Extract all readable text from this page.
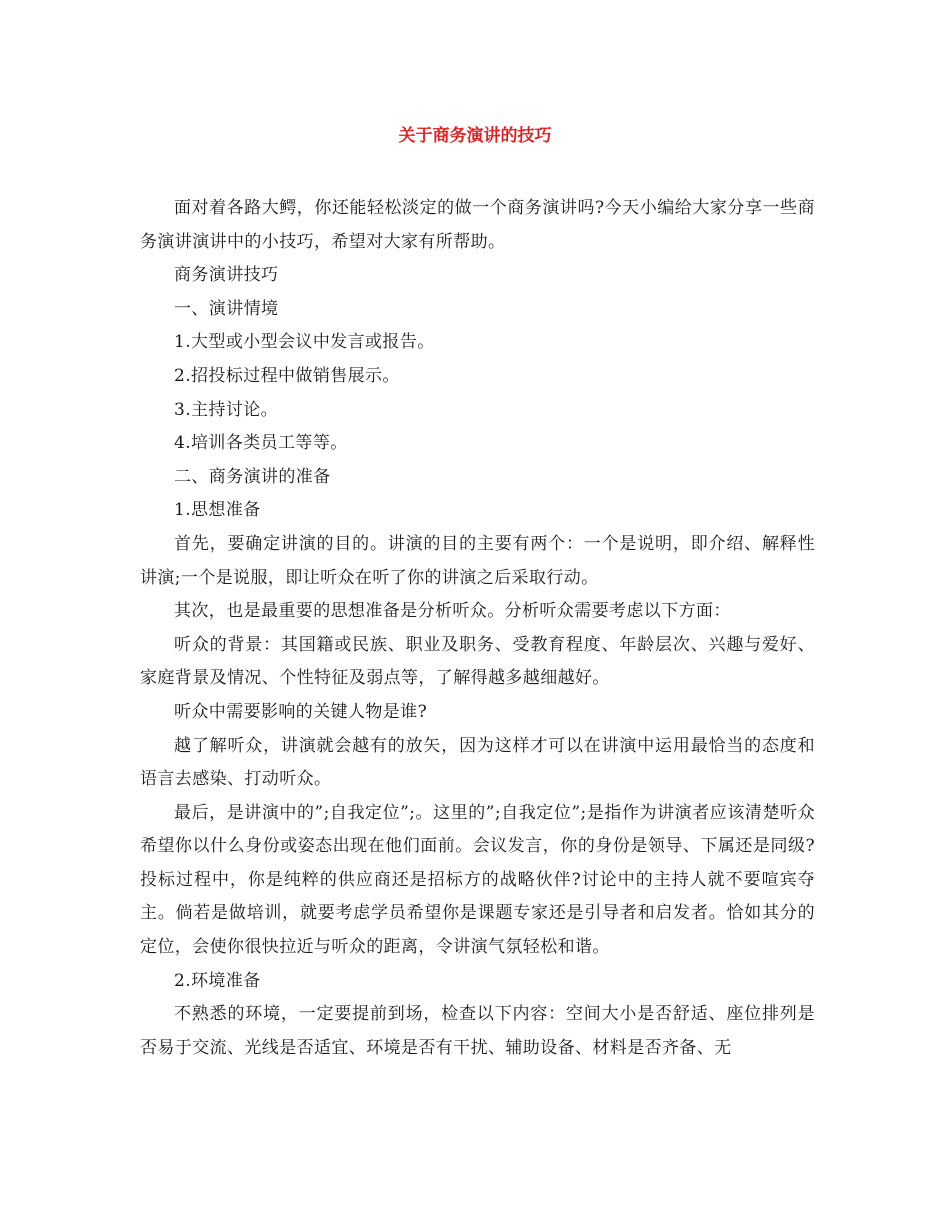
关于商务演讲的技巧

面对着各路大鳄，你还能轻松淡定的做一个商务演讲吗?今天小编给大家分享一些商务演讲演讲中的小技巧，希望对大家有所帮助。

商务演讲技巧

一、演讲情境

1.大型或小型会议中发言或报告。

2.招投标过程中做销售展示。

3.主持讨论。

4.培训各类员工等等。

二、商务演讲的准备

1.思想准备

首先，要确定讲演的目的。讲演的目的主要有两个：一个是说明，即介绍、解释性讲演;一个是说服，即让听众在听了你的讲演之后采取行动。

其次，也是最重要的思想准备是分析听众。分析听众需要考虑以下方面：

听众的背景：其国籍或民族、职业及职务、受教育程度、年龄层次、兴趣与爱好、家庭背景及情况、个性特征及弱点等，了解得越多越细越好。

听众中需要影响的关键人物是谁?

越了解听众，讲演就会越有的放矢，因为这样才可以在讲演中运用最恰当的态度和语言去感染、打动听众。

最后，是讲演中的”;自我定位”;。这里的”;自我定位”;是指作为讲演者应该清楚听众希望你以什么身份或姿态出现在他们面前。会议发言，你的身份是领导、下属还是同级?投标过程中，你是纯粹的供应商还是招标方的战略伙伴?讨论中的主持人就不要喧宾夺主。倘若是做培训，就要考虑学员希望你是课题专家还是引导者和启发者。恰如其分的定位，会使你很快拉近与听众的距离，令讲演气氛轻松和谐。

2.环境准备

不熟悉的环境，一定要提前到场，检查以下内容：空间大小是否舒适、座位排列是否易于交流、光线是否适宜、环境是否有干扰、辅助设备、材料是否齐备、无
